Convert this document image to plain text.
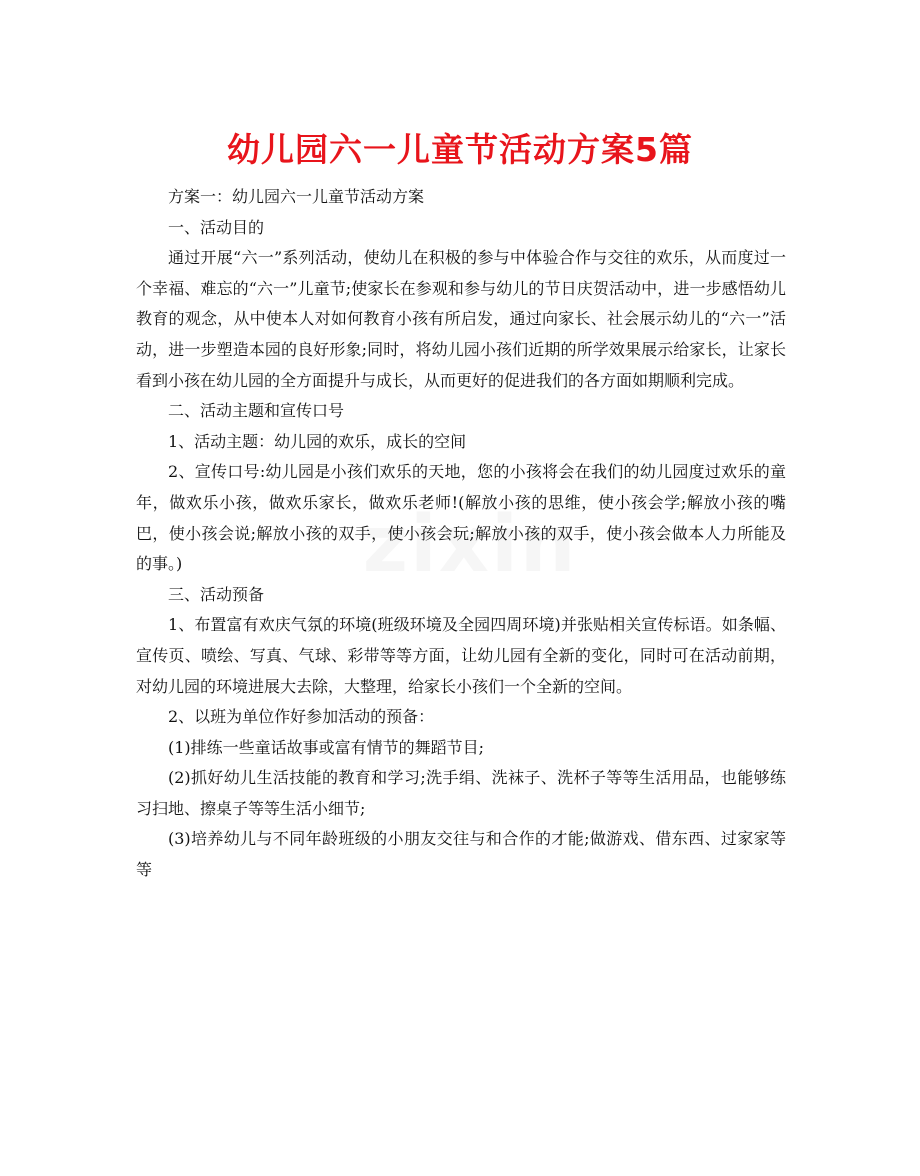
幼儿园六一儿童节活动方案5篇

方案一：幼儿园六一儿童节活动方案

一、活动目的

通过开展“六一”系列活动，使幼儿在积极的参与中体验合作与交往的欢乐，从而度过一个幸福、难忘的“六一”儿童节;使家长在参观和参与幼儿的节日庆贺活动中，进一步感悟幼儿教育的观念，从中使本人对如何教育小孩有所启发，通过向家长、社会展示幼儿的“六一”活动，进一步塑造本园的良好形象;同时，将幼儿园小孩们近期的所学效果展示给家长，让家长看到小孩在幼儿园的全方面提升与成长，从而更好的促进我们的各方面如期顺利完成。

二、活动主题和宣传口号

1、活动主题：幼儿园的欢乐，成长的空间

2、宣传口号:幼儿园是小孩们欢乐的天地，您的小孩将会在我们的幼儿园度过欢乐的童年，做欢乐小孩，做欢乐家长，做欢乐老师!(解放小孩的思维，使小孩会学;解放小孩的嘴巴，使小孩会说;解放小孩的双手，使小孩会玩;解放小孩的双手，使小孩会做本人力所能及的事。)

三、活动预备

1、布置富有欢庆气氛的环境(班级环境及全园四周环境)并张贴相关宣传标语。如条幅、宣传页、喷绘、写真、气球、彩带等等方面，让幼儿园有全新的变化，同时可在活动前期，对幼儿园的环境进展大去除，大整理，给家长小孩们一个全新的空间。

2、以班为单位作好参加活动的预备：

(1)排练一些童话故事或富有情节的舞蹈节目;

(2)抓好幼儿生活技能的教育和学习;洗手绢、洗袜子、洗杯子等等生活用品，也能够练习扫地、擦桌子等等生活小细节;

(3)培养幼儿与不同年龄班级的小朋友交往与和合作的才能;做游戏、借东西、过家家等等
